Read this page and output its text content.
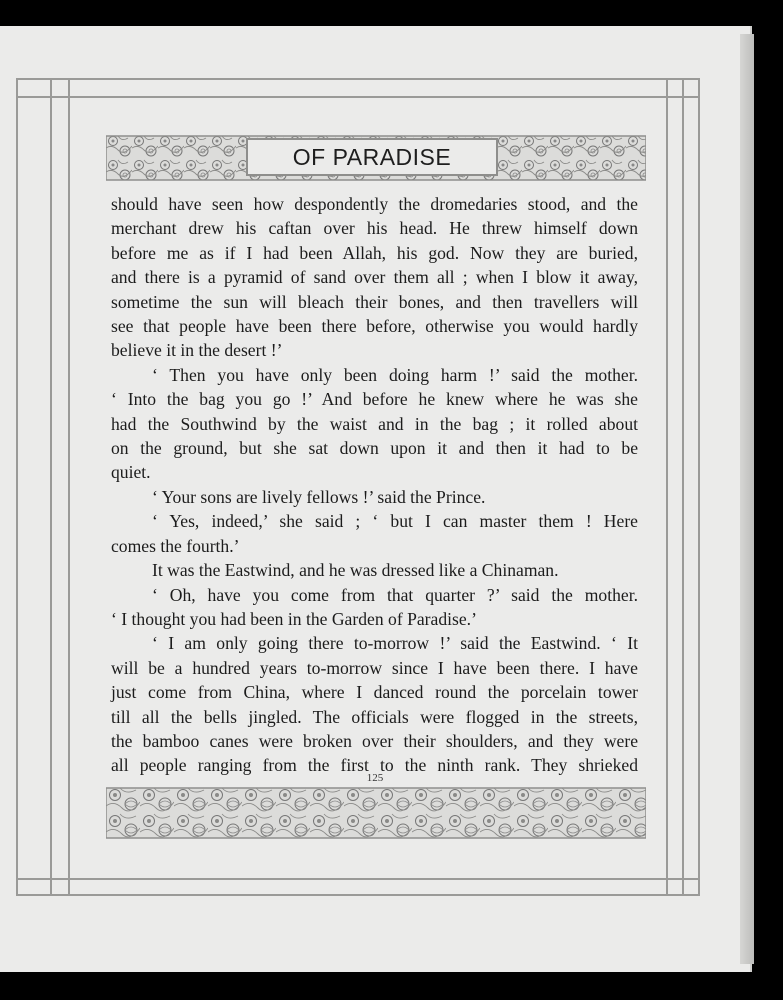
OF PARADISE

should have seen how despondently the dromedaries stood, and the

merchant drew his caftan over his head. He threw himself down

before me as if I had been Allah, his god. Now they are buried,

and there is a pyramid of sand over them all ; when I blow it away,

sometime the sun will bleach their bones, and then travellers will

see that people have been there before, otherwise you would hardly

believe it in the desert !’

‘ Then you have only been doing harm !’ said the mother.

‘ Into the bag you go !’ And before he knew where he was she

had the Southwind by the waist and in the bag ; it rolled about

on the ground, but she sat down upon it and then it had to be

quiet.

‘ Your sons are lively fellows !’ said the Prince.

‘ Yes, indeed,’ she said ; ‘ but I can master them ! Here

comes the fourth.’

It was the Eastwind, and he was dressed like a Chinaman.

‘ Oh, have you come from that quarter ?’ said the mother.

‘ I thought you had been in the Garden of Paradise.’

‘ I am only going there to-morrow !’ said the Eastwind. ‘ It

will be a hundred years to-morrow since I have been there. I have

just come from China, where I danced round the porcelain tower

till all the bells jingled. The officials were flogged in the streets,

the bamboo canes were broken over their shoulders, and they were

all people ranging from the first to the ninth rank. They shrieked

125
